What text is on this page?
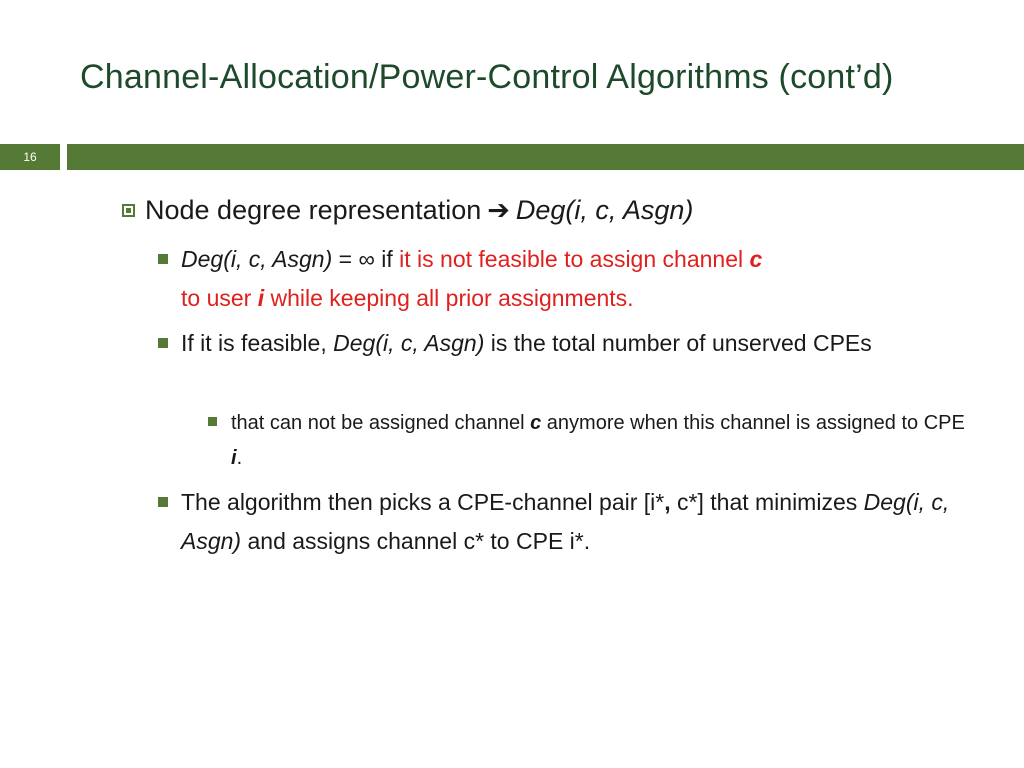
Channel-Allocation/Power-Control Algorithms (cont’d)
16
Node degree representation ➔ Deg(i, c, Asgn)
Deg(i, c, Asgn) = ∞ if it is not feasible to assign channel c
to user i while keeping all prior assignments.
If it is feasible, Deg(i, c, Asgn) is the total number of unserved CPEs
that can not be assigned channel c anymore when this channel is assigned to CPE i.
The algorithm then picks a CPE-channel pair [i*, c*] that minimizes Deg(i, c, Asgn) and assigns channel c* to CPE i*.
